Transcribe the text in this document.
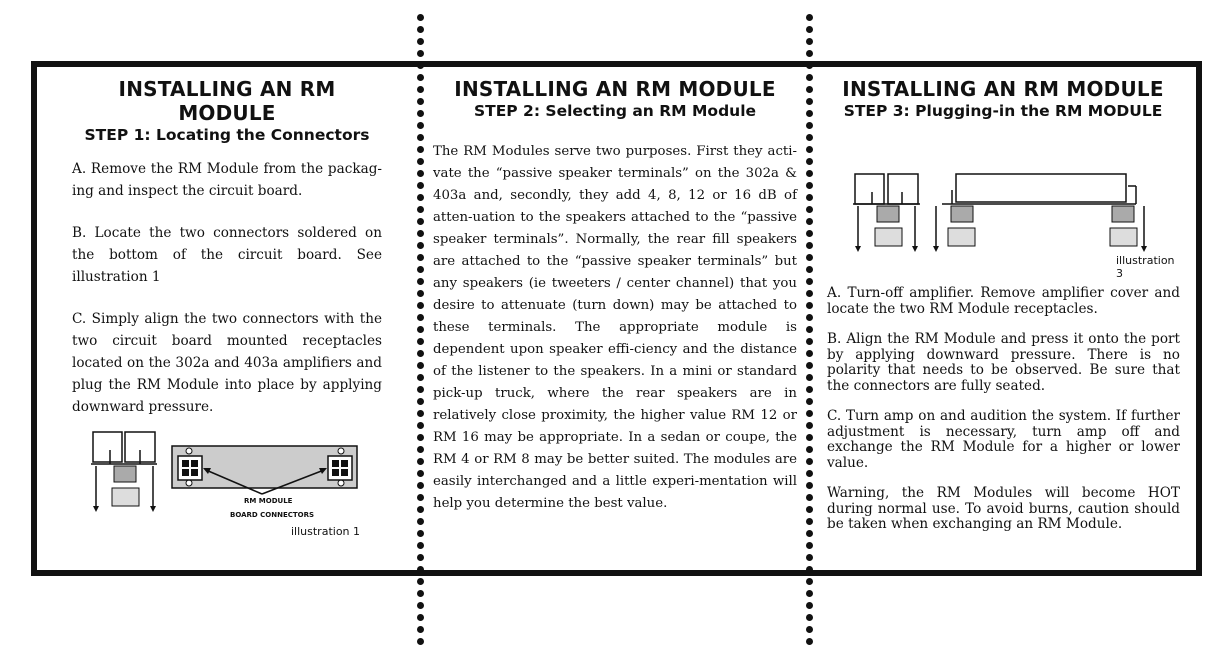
INSTALLING AN RM MODULE
STEP 1: Locating the Connectors

A. Remove the RM Module from the packag-ing and inspect the circuit board.

B. Locate the two connectors soldered on the bottom of the circuit board. See illustration 1

C. Simply align the two connectors with the two circuit board mounted receptacles located on the 302a and 403a amplifiers and plug the RM Module into place by applying downward pressure.

RM MODULE
BOARD CONNECTORS
illustration 1
INSTALLING AN RM MODULE
STEP 2: Selecting an RM Module

The RM Modules serve two purposes. First they acti-vate the “passive speaker terminals” on the 302a & 403a and, secondly, they add 4, 8, 12 or 16 dB of atten-uation to the speakers attached to the “passive speaker terminals”. Normally, the rear fill speakers are attached to the “passive speaker terminals” but any speakers (ie tweeters / center channel) that you desire to attenuate (turn down) may be attached to these terminals. The appropriate module is dependent upon speaker effi-ciency and the distance of the listener to the speakers. In a mini or standard pick-up truck, where the rear speakers are in relatively close proximity, the higher value RM 12 or RM 16 may be appropriate. In a sedan or coupe, the RM 4 or RM 8 may be better suited. The modules are easily interchanged and a little experi-mentation will help you determine the best value.

INSTALLING AN RM MODULE
STEP 3: Plugging-in the RM MODULE
illustration 3

A. Turn-off amplifier. Remove amplifier cover and locate the two RM Module receptacles.

B. Align the RM Module and press it onto the port by applying downward pressure. There is no polarity that needs to be observed. Be sure that the connectors are fully seated.

C. Turn amp on and audition the system. If further adjustment is necessary, turn amp off and exchange the RM Module for a higher or lower value.

Warning, the RM Modules will become HOT during normal use. To avoid burns, caution should be taken when exchanging an RM Module.
